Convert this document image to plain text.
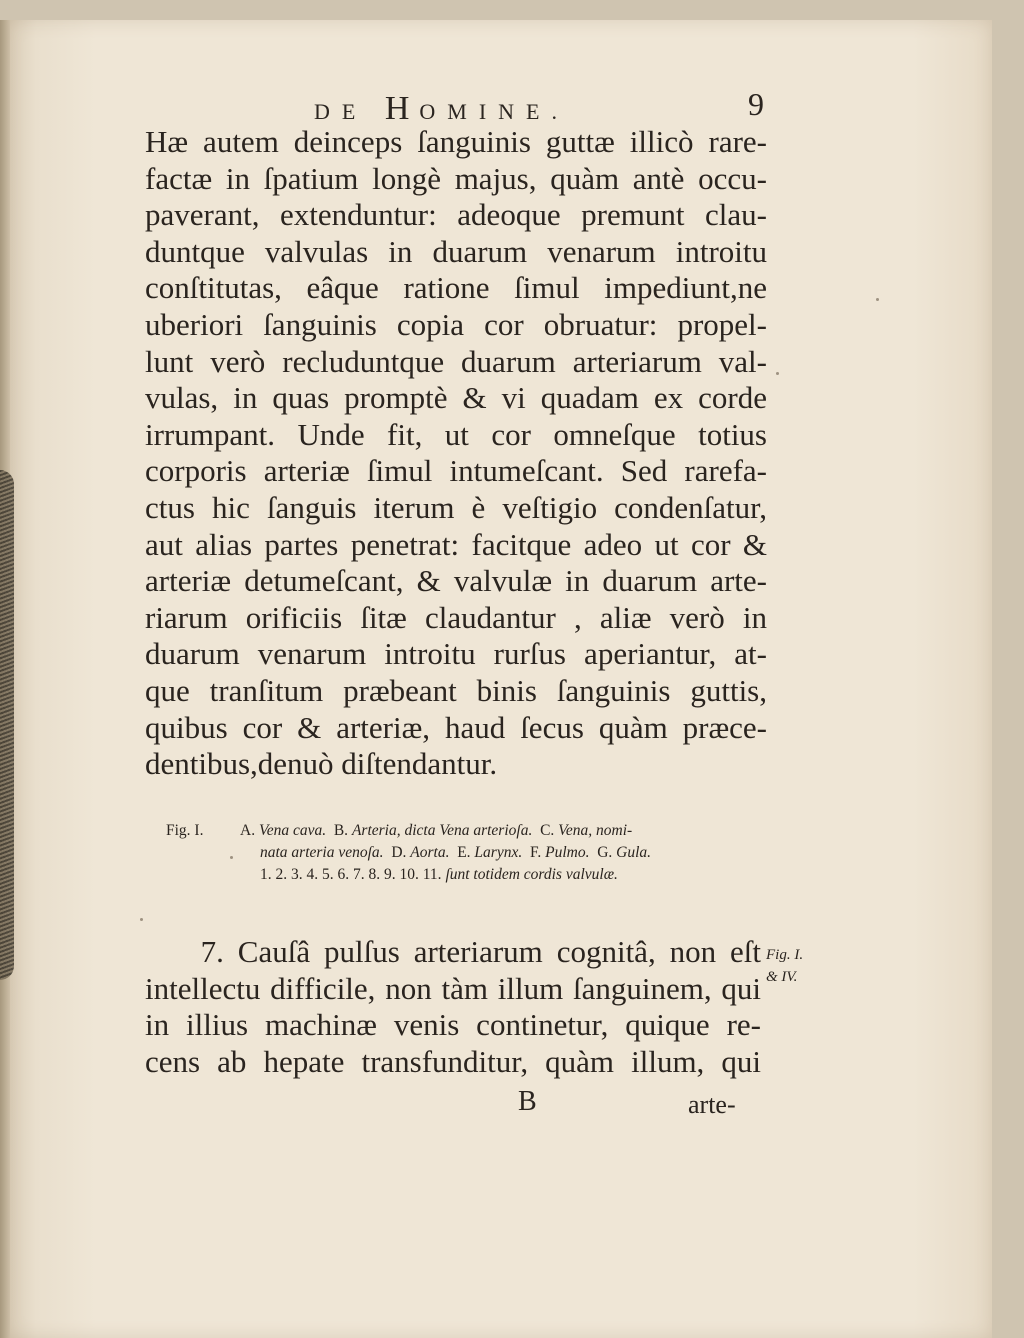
DE HOMINE.	9
Hæ autem deinceps ſanguinis guttæ illicò rare-
factæ in ſpatium longè majus, quàm antè occu-
paverant, extenduntur: adeoque premunt clau-
duntque valvulas in duarum venarum introitu
conſtitutas, eâque ratione ſimul impediunt,ne
uberiori ſanguinis copia cor obruatur: propel-
lunt verò recluduntque duarum arteriarum val-
vulas, in quas promptè & vi quadam ex corde
irrumpant. Unde fit, ut cor omneſque totius
corporis arteriæ ſimul intumeſcant. Sed rarefa-
ctus hic ſanguis iterum è veſtigio condenſatur,
aut alias partes penetrat: facitque adeo ut cor &
arteriæ detumeſcant, & valvulæ in duarum arte-
riarum orificiis ſitæ claudantur , aliæ verò in
duarum venarum introitu rurſus aperiantur, at-
que tranſitum præbeant binis ſanguinis guttis,
quibus cor & arteriæ, haud ſecus quàm præce-
dentibus,denuò diſtendantur.
Fig. I. A. Vena cava.  B. Arteria, dicta Vena arterioſa.  C. Vena, nomi-
nata arteria venoſa.  D. Aorta.  E. Larynx.  F. Pulmo.  G. Gula.
1. 2. 3. 4. 5. 6. 7. 8. 9. 10. 11. ſunt totidem cordis valvulæ.
7. Cauſâ pulſus arteriarum cognitâ, non eſt
intellectu difficile, non tàm illum ſanguinem, qui
in illius machinæ venis continetur, quique re-
cens ab hepate transfunditur, quàm illum, qui
Fig. I.
& IV.
B	arte-
